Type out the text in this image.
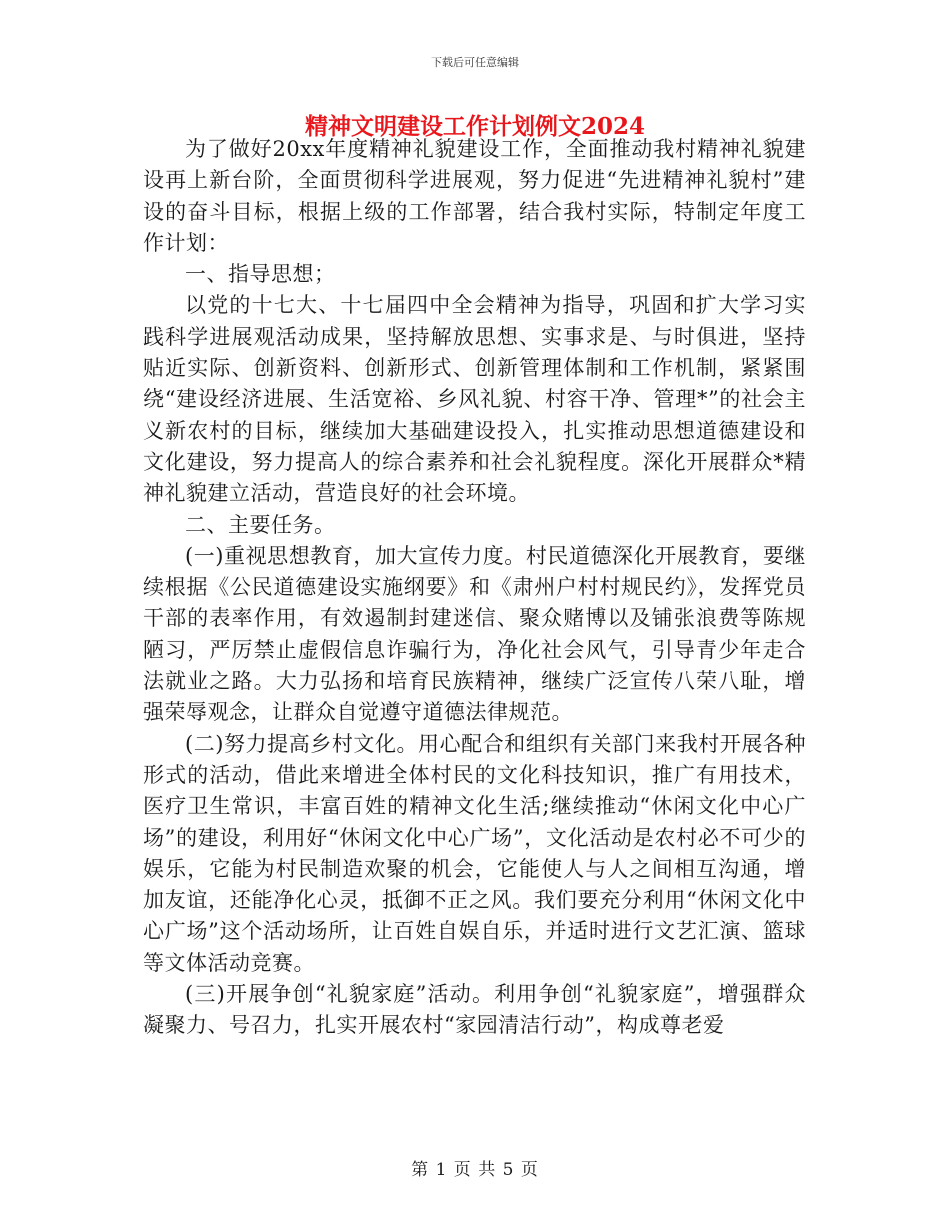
下载后可任意编辑
精神文明建设工作计划例文2024

为了做好20xx年度精神礼貌建设工作，全面推动我村精神礼貌建设再上新台阶，全面贯彻科学进展观，努力促进“先进精神礼貌村”建设的奋斗目标，根据上级的工作部署，结合我村实际，特制定年度工作计划：

一、指导思想；

以党的十七大、十七届四中全会精神为指导，巩固和扩大学习实践科学进展观活动成果，坚持解放思想、实事求是、与时俱进，坚持贴近实际、创新资料、创新形式、创新管理体制和工作机制，紧紧围绕“建设经济进展、生活宽裕、乡风礼貌、村容干净、管理*”的社会主义新农村的目标，继续加大基础建设投入，扎实推动思想道德建设和文化建设，努力提高人的综合素养和社会礼貌程度。深化开展群众*精神礼貌建立活动，营造良好的社会环境。

二、主要任务。

(一)重视思想教育，加大宣传力度。村民道德深化开展教育，要继续根据《公民道德建设实施纲要》和《肃州户村村规民约》，发挥党员干部的表率作用，有效遏制封建迷信、聚众赌博以及铺张浪费等陈规陋习，严厉禁止虚假信息诈骗行为，净化社会风气，引导青少年走合法就业之路。大力弘扬和培育民族精神，继续广泛宣传八荣八耻，增强荣辱观念，让群众自觉遵守道德法律规范。

(二)努力提高乡村文化。用心配合和组织有关部门来我村开展各种形式的活动，借此来增进全体村民的文化科技知识，推广有用技术，医疗卫生常识，丰富百姓的精神文化生活;继续推动“休闲文化中心广场”的建设，利用好“休闲文化中心广场”，文化活动是农村必不可少的娱乐，它能为村民制造欢聚的机会，它能使人与人之间相互沟通，增加友谊，还能净化心灵，抵御不正之风。我们要充分利用“休闲文化中心广场”这个活动场所，让百姓自娱自乐，并适时进行文艺汇演、篮球等文体活动竞赛。

(三)开展争创“礼貌家庭”活动。利用争创“礼貌家庭”，增强群众凝聚力、号召力，扎实开展农村“家园清洁行动”，构成尊老爱

第 1 页 共 5 页
